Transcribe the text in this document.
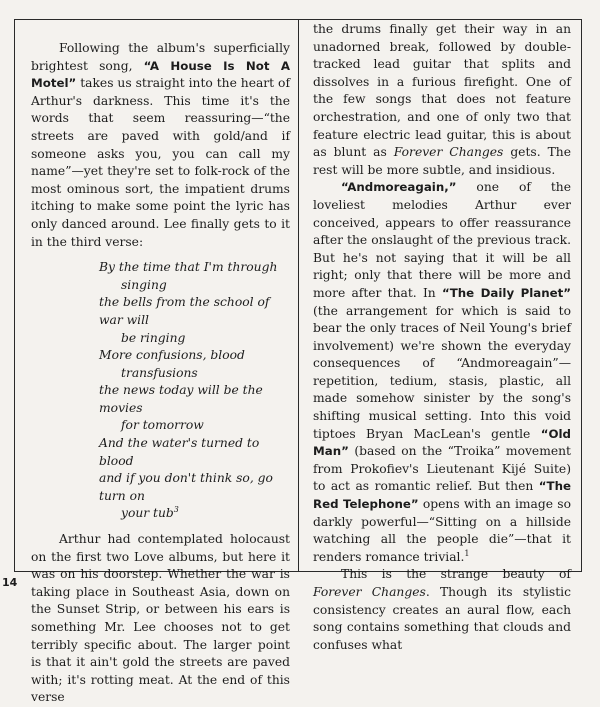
Following the album's superficially brightest song, “A House Is Not A Motel” takes us straight into the heart of Arthur's darkness. This time it's the words that seem reassuring—“the streets are paved with gold/and if someone asks you, you can call my name”—yet they're set to folk-rock of the most ominous sort, the impatient drums itching to make some point the lyric has only danced around. Lee finally gets to it in the third verse:

By the time that I'm through
singing
the bells from the school of war will
be ringing
More confusions, blood
transfusions
the news today will be the movies
for tomorrow
And the water's turned to blood
and if you don't think so, go turn on
your tub$^3$

Arthur had contemplated holocaust on the first two Love albums, but here it was on his doorstep. Whether the war is taking place in Southeast Asia, down on the Sunset Strip, or between his ears is something Mr. Lee chooses not to get terribly specific about. The larger point is that it ain't gold the streets are paved with; it's rotting meat. At the end of this verse

the drums finally get their way in an unadorned break, followed by double-tracked lead guitar that splits and dissolves in a furious firefight. One of the few songs that does not feature orchestration, and one of only two that feature electric lead guitar, this is about as blunt as Forever Changes gets. The rest will be more subtle, and insidious.

“Andmoreagain,” one of the loveliest melodies Arthur ever conceived, appears to offer reassurance after the onslaught of the previous track. But he's not saying that it will be all right; only that there will be more and more after that. In “The Daily Planet” (the arrangement for which is said to bear the only traces of Neil Young's brief involvement) we're shown the everyday consequences of “Andmoreagain”—repetition, tedium, stasis, plastic, all made somehow sinister by the song's shifting musical setting. Into this void tiptoes Bryan MacLean's gentle “Old Man” (based on the “Troika” movement from Prokofiev's Lieutenant Kijé Suite) to act as romantic relief. But then “The Red Telephone” opens with an image so darkly powerful—“Sitting on a hillside watching all the people die”—that it renders romance trivial.$^1$

This is the strange beauty of Forever Changes. Though its stylistic consistency creates an aural flow, each song contains something that clouds and confuses what

14
